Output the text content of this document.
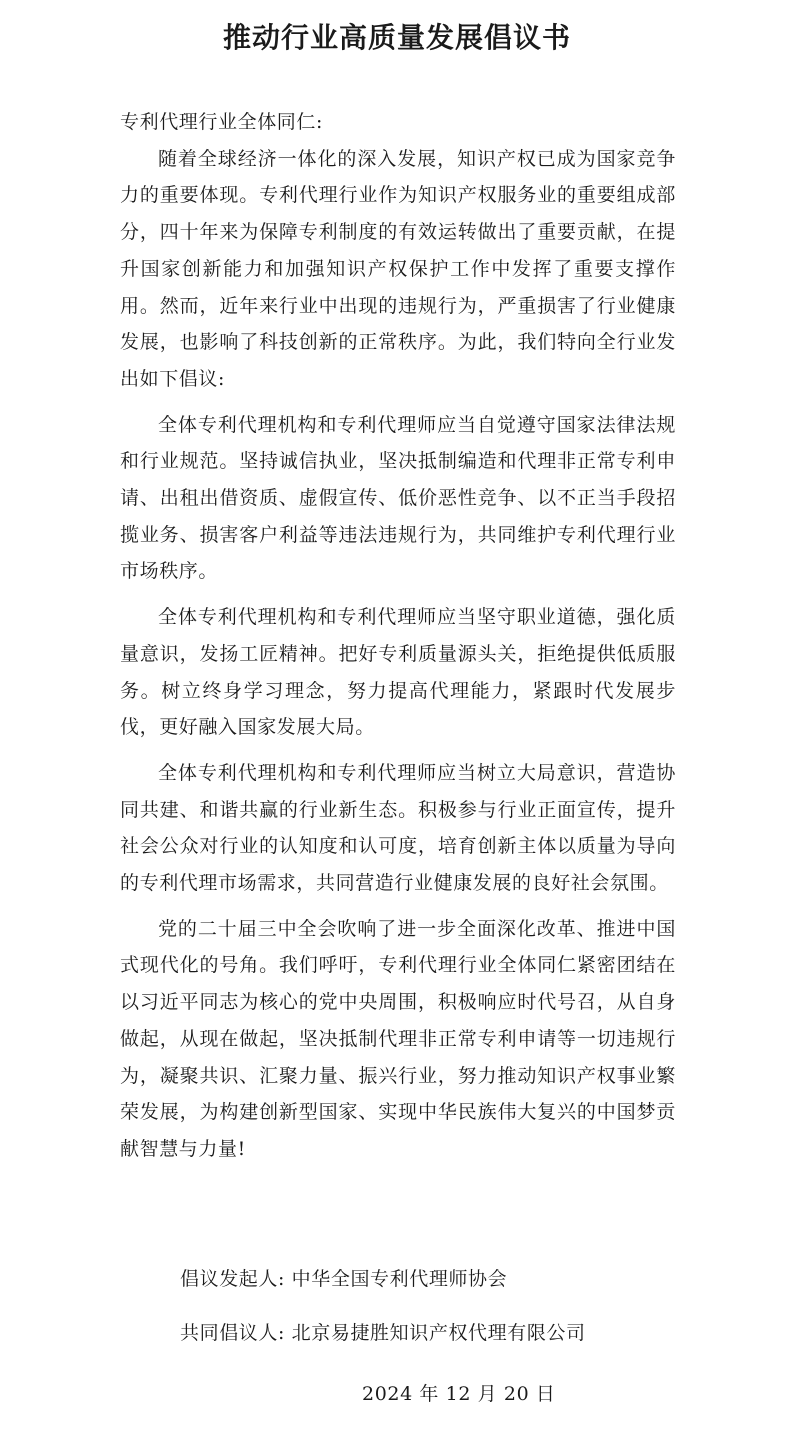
推动行业高质量发展倡议书

专利代理行业全体同仁:

随着全球经济一体化的深入发展，知识产权已成为国家竞争力的重要体现。专利代理行业作为知识产权服务业的重要组成部分，四十年来为保障专利制度的有效运转做出了重要贡献，在提升国家创新能力和加强知识产权保护工作中发挥了重要支撑作用。然而，近年来行业中出现的违规行为，严重损害了行业健康发展，也影响了科技创新的正常秩序。为此，我们特向全行业发出如下倡议:

全体专利代理机构和专利代理师应当自觉遵守国家法律法规和行业规范。坚持诚信执业，坚决抵制编造和代理非正常专利申请、出租出借资质、虚假宣传、低价恶性竞争、以不正当手段招揽业务、损害客户利益等违法违规行为，共同维护专利代理行业市场秩序。

全体专利代理机构和专利代理师应当坚守职业道德，强化质量意识，发扬工匠精神。把好专利质量源头关，拒绝提供低质服务。树立终身学习理念，努力提高代理能力，紧跟时代发展步伐，更好融入国家发展大局。

全体专利代理机构和专利代理师应当树立大局意识，营造协同共建、和谐共赢的行业新生态。积极参与行业正面宣传，提升社会公众对行业的认知度和认可度，培育创新主体以质量为导向的专利代理市场需求，共同营造行业健康发展的良好社会氛围。

党的二十届三中全会吹响了进一步全面深化改革、推进中国式现代化的号角。我们呼吁，专利代理行业全体同仁紧密团结在以习近平同志为核心的党中央周围，积极响应时代号召，从自身做起，从现在做起，坚决抵制代理非正常专利申请等一切违规行为，凝聚共识、汇聚力量、振兴行业，努力推动知识产权事业繁荣发展，为构建创新型国家、实现中华民族伟大复兴的中国梦贡献智慧与力量!

倡议发起人: 中华全国专利代理师协会
共同倡议人: 北京易捷胜知识产权代理有限公司
2024 年 12 月 20 日
